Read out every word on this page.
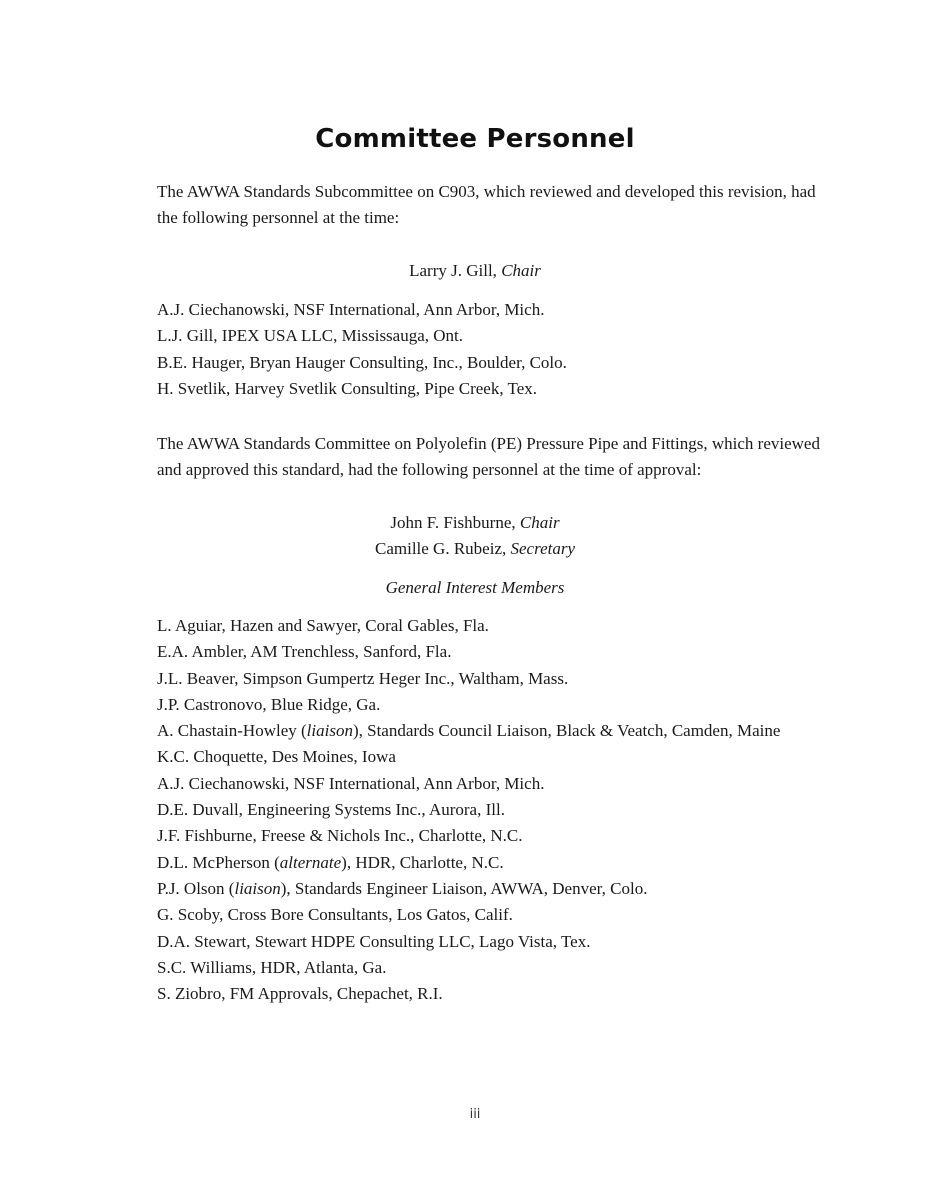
Committee Personnel
The AWWA Standards Subcommittee on C903, which reviewed and developed this revision, had the following personnel at the time:
Larry J. Gill, Chair
A.J. Ciechanowski, NSF International, Ann Arbor, Mich.
L.J. Gill, IPEX USA LLC, Mississauga, Ont.
B.E. Hauger, Bryan Hauger Consulting, Inc., Boulder, Colo.
H. Svetlik, Harvey Svetlik Consulting, Pipe Creek, Tex.
The AWWA Standards Committee on Polyolefin (PE) Pressure Pipe and Fittings, which reviewed and approved this standard, had the following personnel at the time of approval:
John F. Fishburne, Chair
Camille G. Rubeiz, Secretary
General Interest Members
L. Aguiar, Hazen and Sawyer, Coral Gables, Fla.
E.A. Ambler, AM Trenchless, Sanford, Fla.
J.L. Beaver, Simpson Gumpertz Heger Inc., Waltham, Mass.
J.P. Castronovo, Blue Ridge, Ga.
A. Chastain-Howley (liaison), Standards Council Liaison, Black & Veatch, Camden, Maine
K.C. Choquette, Des Moines, Iowa
A.J. Ciechanowski, NSF International, Ann Arbor, Mich.
D.E. Duvall, Engineering Systems Inc., Aurora, Ill.
J.F. Fishburne, Freese & Nichols Inc., Charlotte, N.C.
D.L. McPherson (alternate), HDR, Charlotte, N.C.
P.J. Olson (liaison), Standards Engineer Liaison, AWWA, Denver, Colo.
G. Scoby, Cross Bore Consultants, Los Gatos, Calif.
D.A. Stewart, Stewart HDPE Consulting LLC, Lago Vista, Tex.
S.C. Williams, HDR, Atlanta, Ga.
S. Ziobro, FM Approvals, Chepachet, R.I.
iii
